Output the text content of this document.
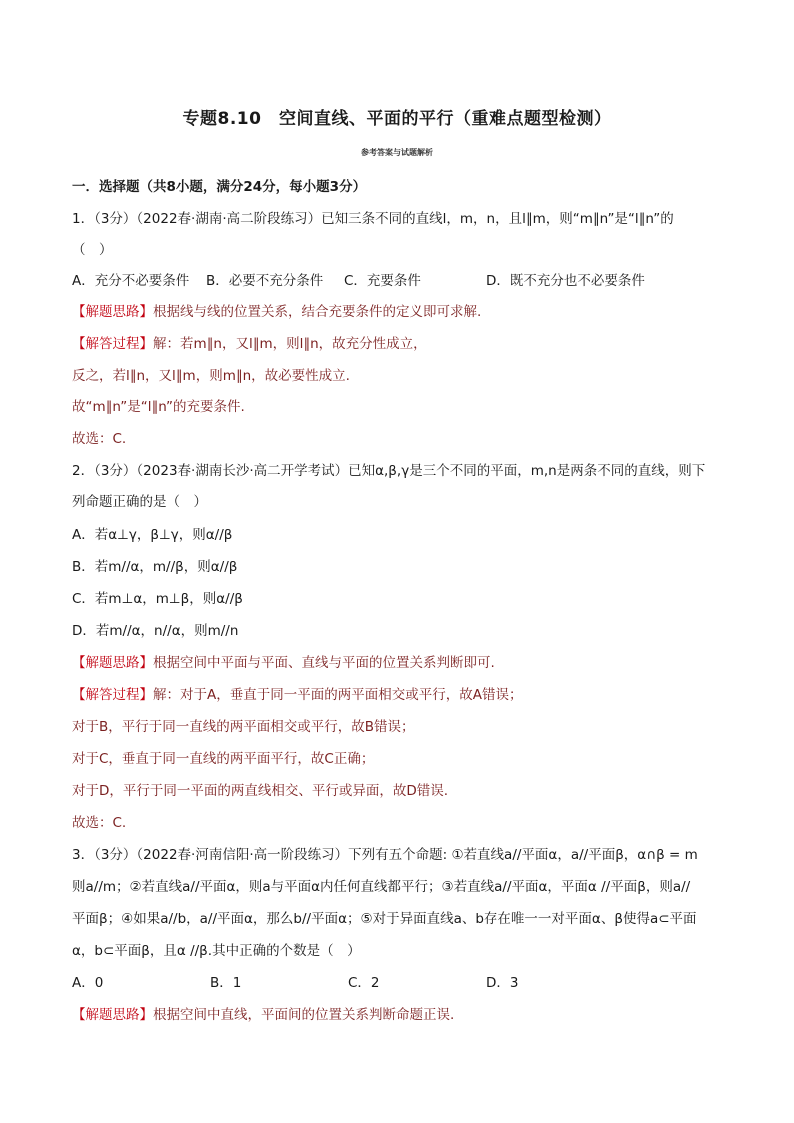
专题8.10　空间直线、平面的平行（重难点题型检测）
参考答案与试题解析
一．选择题（共8小题，满分24分，每小题3分）
1．（3分）（2022春·湖南·高二阶段练习）已知三条不同的直线l，m，n，且l∥m，则“m∥n”是“l∥n”的
（　）
A．充分不必要条件 B．必要不充分条件 C．充要条件	D．既不充分也不必要条件
【解题思路】根据线与线的位置关系，结合充要条件的定义即可求解.
【解答过程】解：若m∥n，又l∥m，则l∥n，故充分性成立，
反之，若l∥n，又l∥m，则m∥n，故必要性成立.
故“m∥n”是“l∥n”的充要条件.
故选：C.
2．（3分）（2023春·湖南长沙·高二开学考试）已知α,β,γ是三个不同的平面，m,n是两条不同的直线，则下
列命题正确的是（　）
A．若α⊥γ，β⊥γ，则α//β
B．若m//α，m//β，则α//β
C．若m⊥α，m⊥β，则α//β
D．若m//α，n//α，则m//n
【解题思路】根据空间中平面与平面、直线与平面的位置关系判断即可.
【解答过程】解：对于A，垂直于同一平面的两平面相交或平行，故A错误；
对于B，平行于同一直线的两平面相交或平行，故B错误；
对于C，垂直于同一直线的两平面平行，故C正确；
对于D，平行于同一平面的两直线相交、平行或异面，故D错误.
故选：C.
3．（3分）（2022春·河南信阳·高一阶段练习）下列有五个命题: ①若直线a//平面α，a//平面β，α∩β = m
则a//m；②若直线a//平面α，则a与平面α内任何直线都平行；③若直线a//平面α，平面α //平面β，则a//
平面β；④如果a//b，a//平面α，那么b//平面α；⑤对于异面直线a、b存在唯一一对平面α、β使得a⊂平面
α，b⊂平面β，且α //β.其中正确的个数是（　）
A．0	B．1	C．2	D．3
【解题思路】根据空间中直线，平面间的位置关系判断命题正误.
